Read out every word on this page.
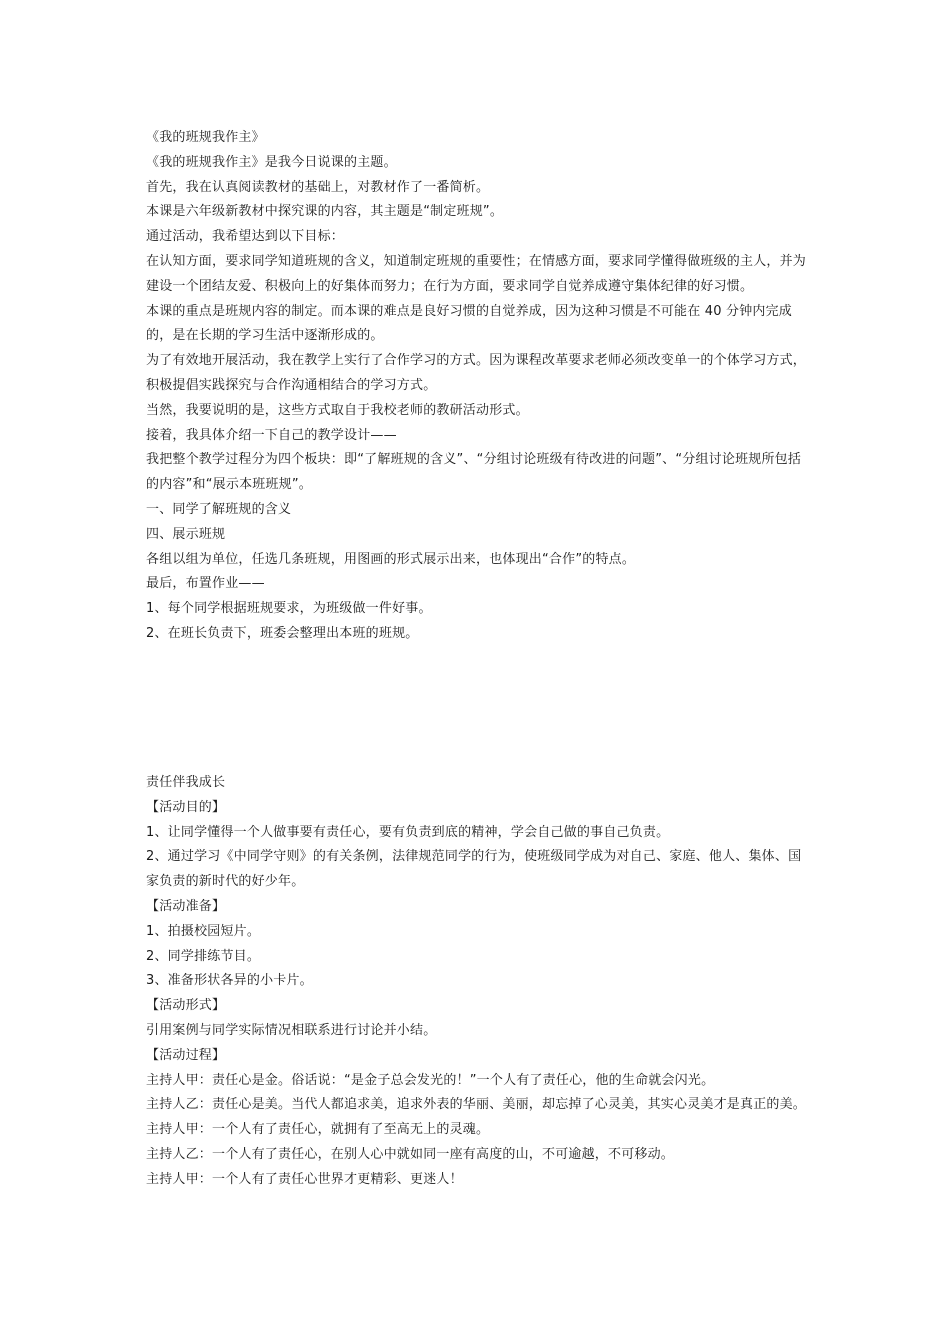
《我的班规我作主》

《我的班规我作主》是我今日说课的主题。

首先，我在认真阅读教材的基础上，对教材作了一番简析。

本课是六年级新教材中探究课的内容，其主题是“制定班规”。

通过活动，我希望达到以下目标：

在认知方面，要求同学知道班规的含义，知道制定班规的重要性；在情感方面，要求同学懂得做班级的主人，并为建设一个团结友爱、积极向上的好集体而努力；在行为方面，要求同学自觉养成遵守集体纪律的好习惯。

本课的重点是班规内容的制定。而本课的难点是良好习惯的自觉养成，因为这种习惯是不可能在 40 分钟内完成的，是在长期的学习生活中逐渐形成的。

为了有效地开展活动，我在教学上实行了合作学习的方式。因为课程改革要求老师必须改变单一的个体学习方式，积极提倡实践探究与合作沟通相结合的学习方式。

当然，我要说明的是，这些方式取自于我校老师的教研活动形式。

接着，我具体介绍一下自己的教学设计——

我把整个教学过程分为四个板块：即“了解班规的含义”、“分组讨论班级有待改进的问题”、“分组讨论班规所包括的内容”和“展示本班班规”。

一、同学了解班规的含义

四、展示班规

各组以组为单位，任选几条班规，用图画的形式展示出来，也体现出“合作”的特点。

最后，布置作业——

1、每个同学根据班规要求，为班级做一件好事。

2、在班长负责下，班委会整理出本班的班规。

责任伴我成长

【活动目的】

1、让同学懂得一个人做事要有责任心，要有负责到底的精神，学会自己做的事自己负责。

2、通过学习《中同学守则》的有关条例，法律规范同学的行为，使班级同学成为对自己、家庭、他人、集体、国家负责的新时代的好少年。

【活动准备】

1、拍摄校园短片。

2、同学排练节目。

3、准备形状各异的小卡片。

【活动形式】

引用案例与同学实际情况相联系进行讨论并小结。

【活动过程】

主持人甲：责任心是金。俗话说：“是金子总会发光的！”一个人有了责任心，他的生命就会闪光。

主持人乙：责任心是美。当代人都追求美，追求外表的华丽、美丽，却忘掉了心灵美，其实心灵美才是真正的美。

主持人甲：一个人有了责任心，就拥有了至高无上的灵魂。

主持人乙：一个人有了责任心，在别人心中就如同一座有高度的山，不可逾越，不可移动。

主持人甲：一个人有了责任心世界才更精彩、更迷人！
